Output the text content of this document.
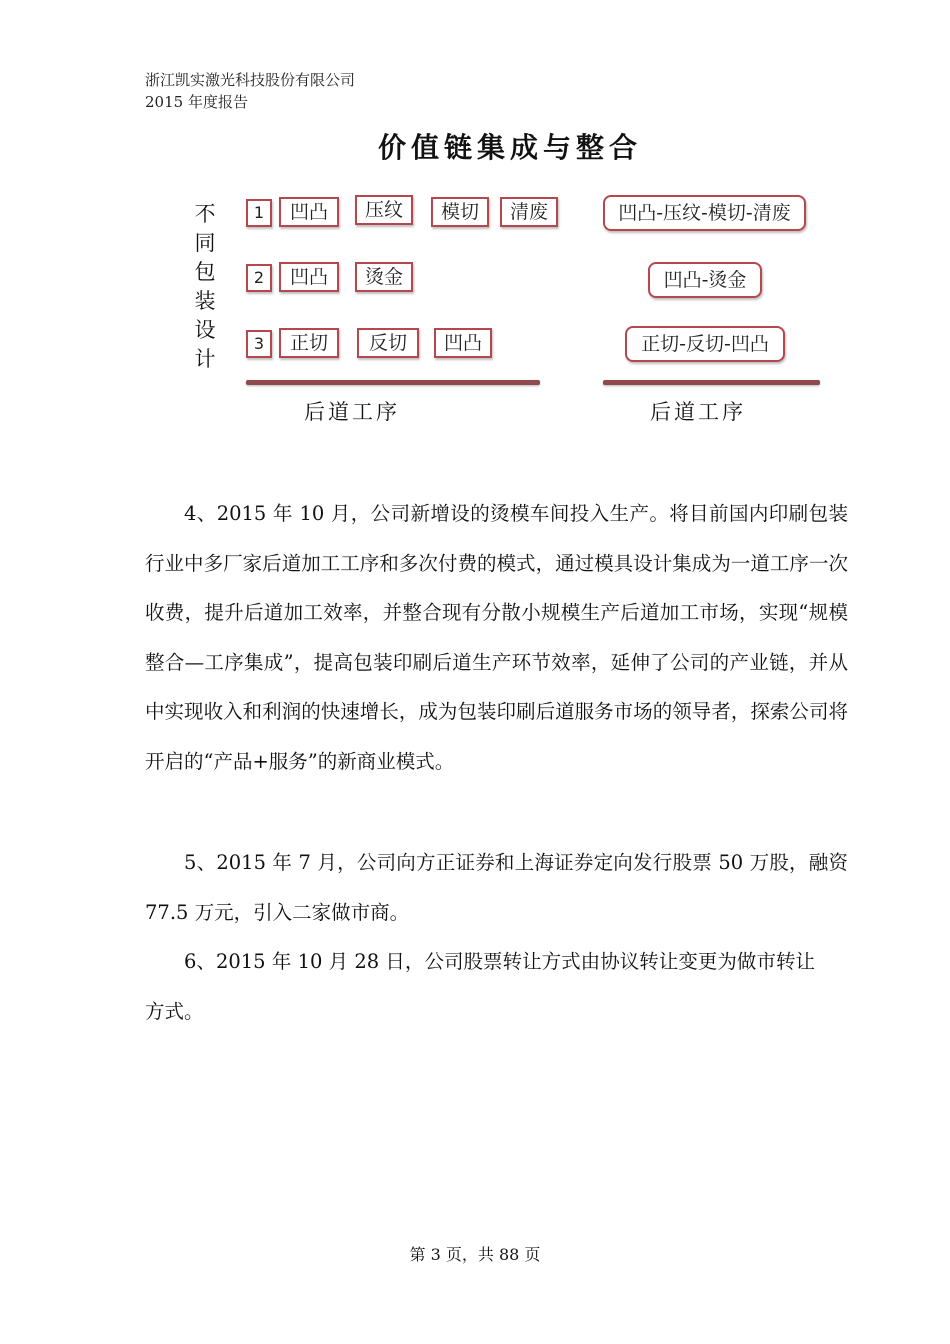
浙江凯实激光科技股份有限公司
2015 年度报告
价值链集成与整合
不
同
包
装
设
计
1	凹凸	压纹	模切	清废	凹凸-压纹-模切-清废
2	凹凸	烫金	凹凸-烫金
3	正切	反切	凹凸	正切-反切-凹凸
后道工序	后道工序
4、2015 年 10 月，公司新增设的烫模车间投入生产。将目前国内印刷包装行业中多厂家后道加工工序和多次付费的模式，通过模具设计集成为一道工序一次收费，提升后道加工效率，并整合现有分散小规模生产后道加工市场，实现“规模整合—工序集成”，提高包装印刷后道生产环节效率，延伸了公司的产业链，并从中实现收入和利润的快速增长，成为包装印刷后道服务市场的领导者，探索公司将开启的“产品+服务”的新商业模式。
5、2015 年 7 月，公司向方正证券和上海证券定向发行股票 50 万股，融资 77.5 万元，引入二家做市商。
6、2015 年 10 月 28 日，公司股票转让方式由协议转让变更为做市转让方式。
第 3 页，共 88 页
